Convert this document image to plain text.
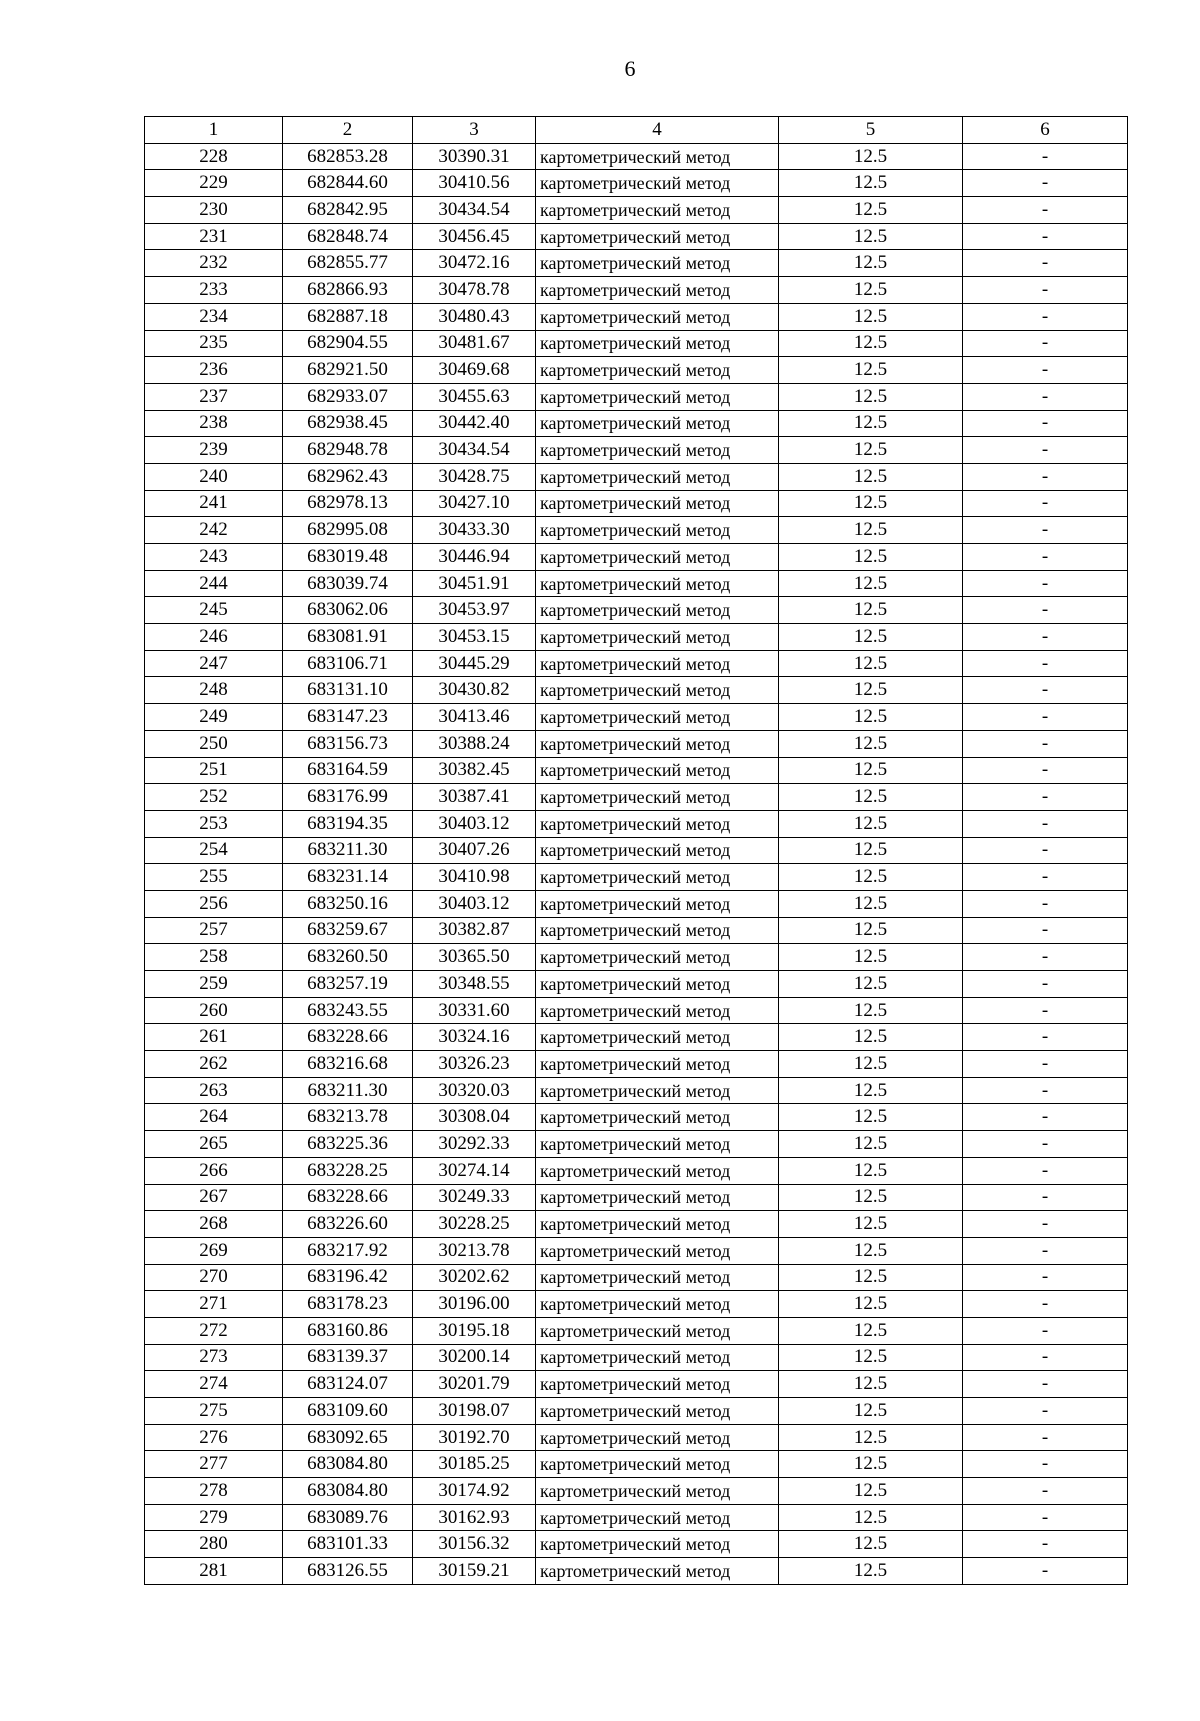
6
1	2	3	4	5	6
228	682853.28	30390.31	картометрический метод	12.5	-
229	682844.60	30410.56	картометрический метод	12.5	-
230	682842.95	30434.54	картометрический метод	12.5	-
231	682848.74	30456.45	картометрический метод	12.5	-
232	682855.77	30472.16	картометрический метод	12.5	-
233	682866.93	30478.78	картометрический метод	12.5	-
234	682887.18	30480.43	картометрический метод	12.5	-
235	682904.55	30481.67	картометрический метод	12.5	-
236	682921.50	30469.68	картометрический метод	12.5	-
237	682933.07	30455.63	картометрический метод	12.5	-
238	682938.45	30442.40	картометрический метод	12.5	-
239	682948.78	30434.54	картометрический метод	12.5	-
240	682962.43	30428.75	картометрический метод	12.5	-
241	682978.13	30427.10	картометрический метод	12.5	-
242	682995.08	30433.30	картометрический метод	12.5	-
243	683019.48	30446.94	картометрический метод	12.5	-
244	683039.74	30451.91	картометрический метод	12.5	-
245	683062.06	30453.97	картометрический метод	12.5	-
246	683081.91	30453.15	картометрический метод	12.5	-
247	683106.71	30445.29	картометрический метод	12.5	-
248	683131.10	30430.82	картометрический метод	12.5	-
249	683147.23	30413.46	картометрический метод	12.5	-
250	683156.73	30388.24	картометрический метод	12.5	-
251	683164.59	30382.45	картометрический метод	12.5	-
252	683176.99	30387.41	картометрический метод	12.5	-
253	683194.35	30403.12	картометрический метод	12.5	-
254	683211.30	30407.26	картометрический метод	12.5	-
255	683231.14	30410.98	картометрический метод	12.5	-
256	683250.16	30403.12	картометрический метод	12.5	-
257	683259.67	30382.87	картометрический метод	12.5	-
258	683260.50	30365.50	картометрический метод	12.5	-
259	683257.19	30348.55	картометрический метод	12.5	-
260	683243.55	30331.60	картометрический метод	12.5	-
261	683228.66	30324.16	картометрический метод	12.5	-
262	683216.68	30326.23	картометрический метод	12.5	-
263	683211.30	30320.03	картометрический метод	12.5	-
264	683213.78	30308.04	картометрический метод	12.5	-
265	683225.36	30292.33	картометрический метод	12.5	-
266	683228.25	30274.14	картометрический метод	12.5	-
267	683228.66	30249.33	картометрический метод	12.5	-
268	683226.60	30228.25	картометрический метод	12.5	-
269	683217.92	30213.78	картометрический метод	12.5	-
270	683196.42	30202.62	картометрический метод	12.5	-
271	683178.23	30196.00	картометрический метод	12.5	-
272	683160.86	30195.18	картометрический метод	12.5	-
273	683139.37	30200.14	картометрический метод	12.5	-
274	683124.07	30201.79	картометрический метод	12.5	-
275	683109.60	30198.07	картометрический метод	12.5	-
276	683092.65	30192.70	картометрический метод	12.5	-
277	683084.80	30185.25	картометрический метод	12.5	-
278	683084.80	30174.92	картометрический метод	12.5	-
279	683089.76	30162.93	картометрический метод	12.5	-
280	683101.33	30156.32	картометрический метод	12.5	-
281	683126.55	30159.21	картометрический метод	12.5	-
